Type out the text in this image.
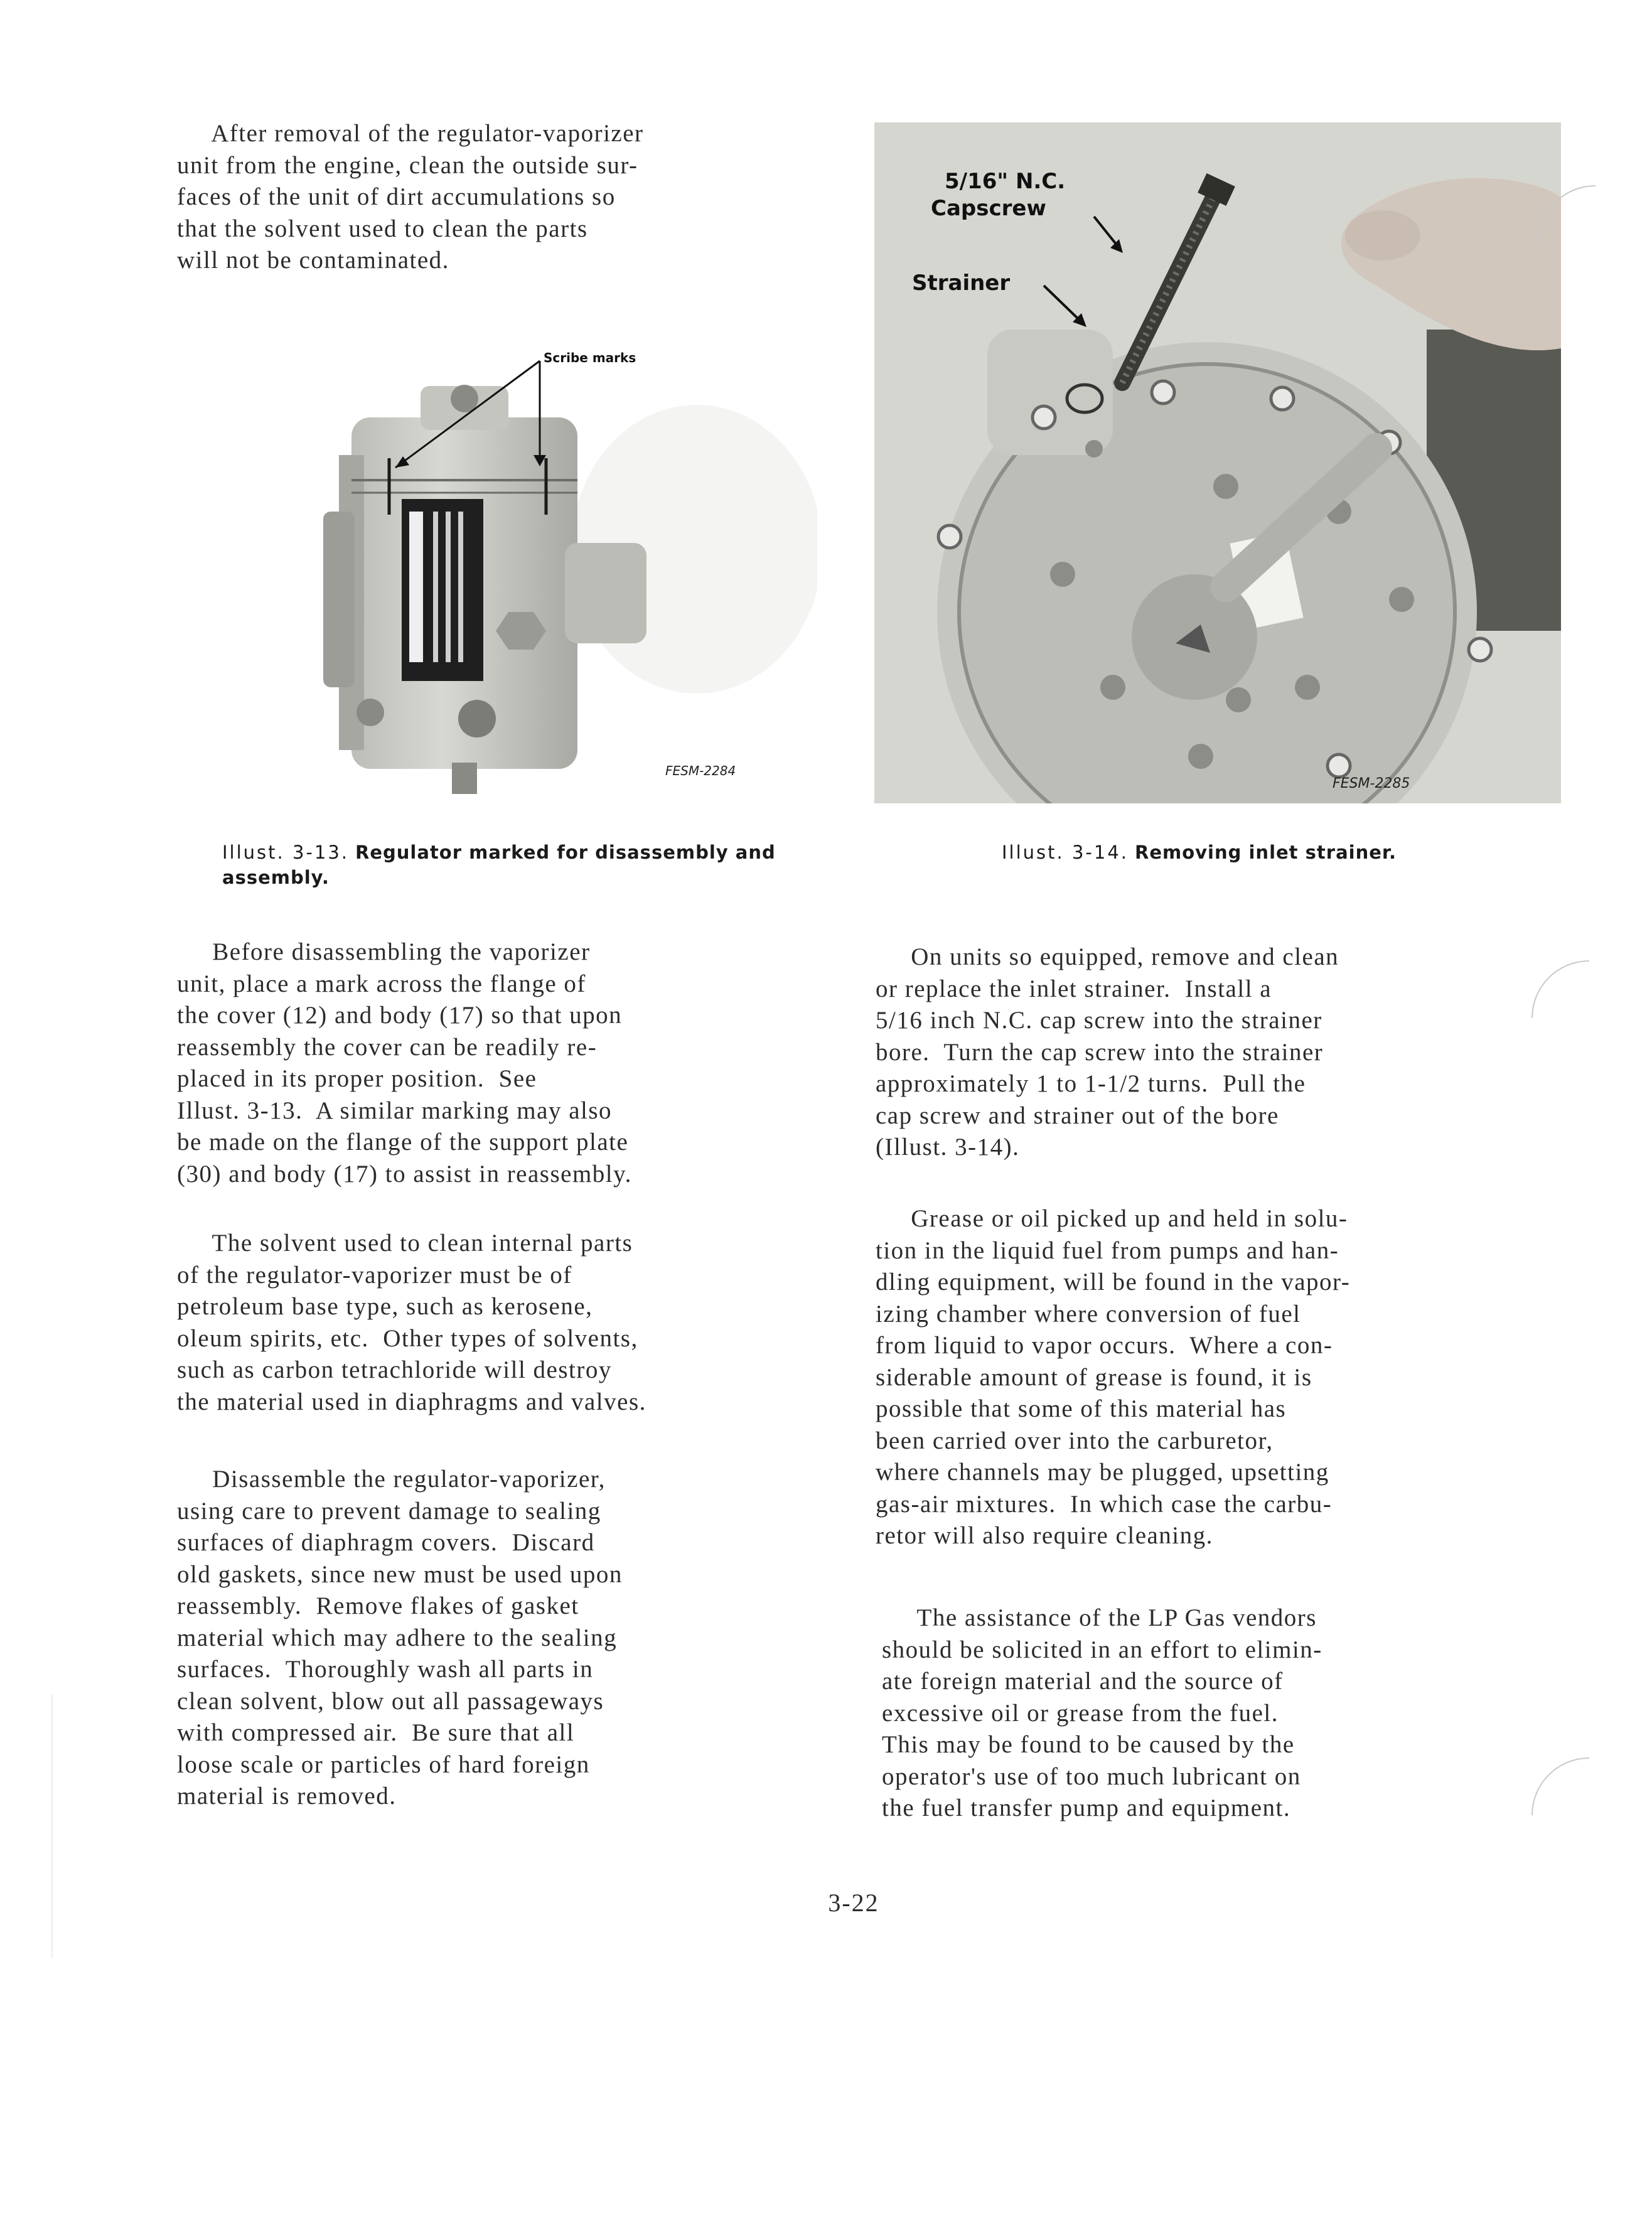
After removal of the regulator-vaporizer
unit from the engine, clean the outside sur-
faces of the unit of dirt accumulations so
that the solvent used to clean the parts
will not be contaminated.

Scribe marks
FESM-2284
Illust. 3-13. Regulator marked for disassembly and
assembly.

Before disassembling the vaporizer
unit, place a mark across the flange of
the cover (12) and body (17) so that upon
reassembly the cover can be readily re-
placed in its proper position.  See
Illust. 3-13.  A similar marking may also
be made on the flange of the support plate
(30) and body (17) to assist in reassembly.

The solvent used to clean internal parts
of the regulator-vaporizer must be of
petroleum base type, such as kerosene,
oleum spirits, etc.  Other types of solvents,
such as carbon tetrachloride will destroy
the material used in diaphragms and valves.

Disassemble the regulator-vaporizer,
using care to prevent damage to sealing
surfaces of diaphragm covers.  Discard
old gaskets, since new must be used upon
reassembly.  Remove flakes of gasket
material which may adhere to the sealing
surfaces.  Thoroughly wash all parts in
clean solvent, blow out all passageways
with compressed air.  Be sure that all
loose scale or particles of hard foreign
material is removed.

5/16" N.C.
Capscrew
Strainer
FESM-2285
Illust. 3-14. Removing inlet strainer.

On units so equipped, remove and clean
or replace the inlet strainer.  Install a
5/16 inch N.C. cap screw into the strainer
bore.  Turn the cap screw into the strainer
approximately 1 to 1-1/2 turns.  Pull the
cap screw and strainer out of the bore
(Illust. 3-14).

Grease or oil picked up and held in solu-
tion in the liquid fuel from pumps and han-
dling equipment, will be found in the vapor-
izing chamber where conversion of fuel
from liquid to vapor occurs.  Where a con-
siderable amount of grease is found, it is
possible that some of this material has
been carried over into the carburetor,
where channels may be plugged, upsetting
gas-air mixtures.  In which case the carbu-
retor will also require cleaning.

The assistance of the LP Gas vendors
should be solicited in an effort to elimin-
ate foreign material and the source of
excessive oil or grease from the fuel.
This may be found to be caused by the
operator's use of too much lubricant on
the fuel transfer pump and equipment.

3-22
